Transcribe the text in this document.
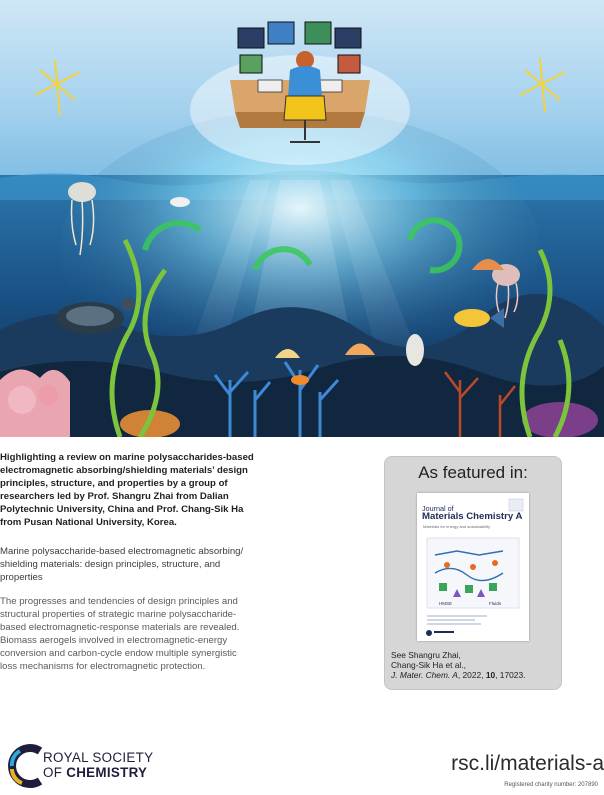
Highlighting a review on marine polysaccharides-based
electromagnetic absorbing/shielding materials’ design
principles, structure, and properties by a group of
researchers led by Prof. Shangru Zhai from Dalian
Polytechnic University, China and Prof. Chang-Sik Ha
from Pusan National University, Korea.
Marine polysaccharide-based electromagnetic absorbing/
shielding materials: design principles, structure, and
properties
The progresses and tendencies of design principles and
structural properties of strategic marine polysaccharide-
based electromagnetic-response materials are revealed.
Biomass aerogels involved in electromagnetic-energy
conversion and carbon-cycle endow multiple synergistic
loss mechanisms for electromagnetic protection.
As featured in:
Journal of
Materials Chemistry A
Materials for energy and sustainability
HMSE	Fluids
See Shangru Zhai,
Chang-Sik Ha et al.,
J. Mater. Chem. A, 2022, 10, 17023.
ROYAL SOCIETY
OF CHEMISTRY	rsc.li/materials-a
Registered charity number: 207890
